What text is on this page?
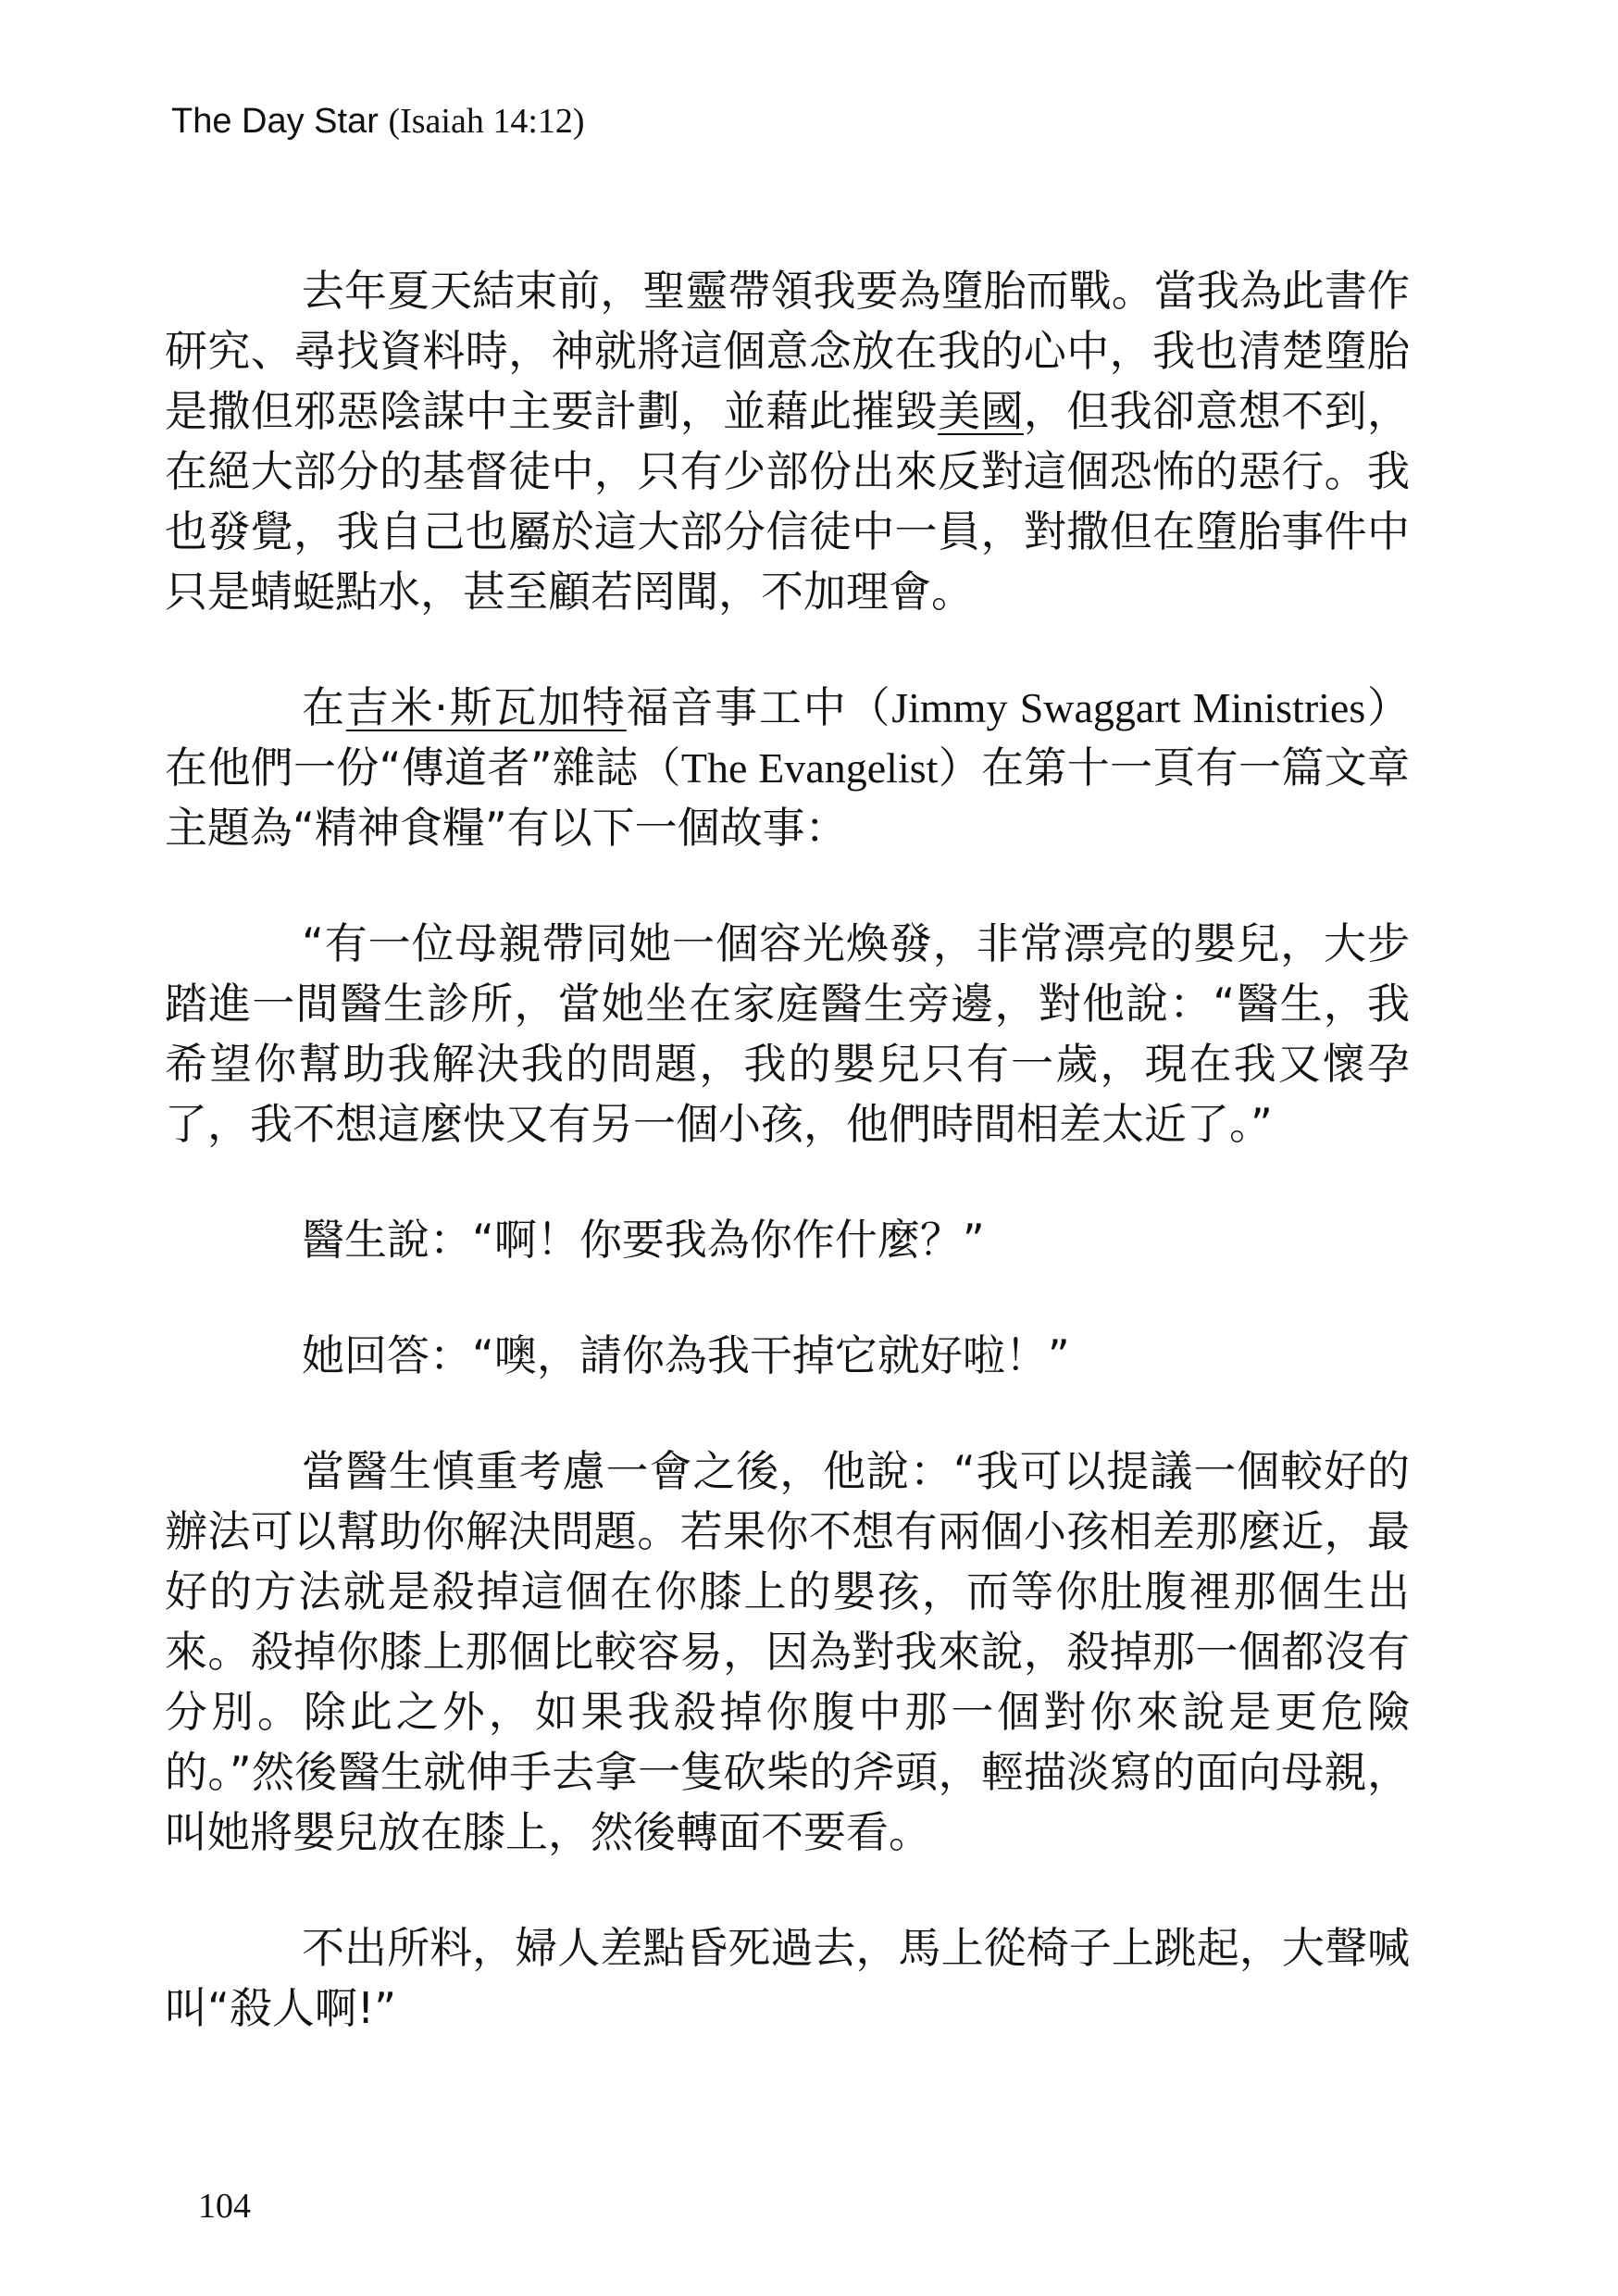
The Day Star (Isaiah 14:12)

去年夏天結束前，聖靈帶領我要為墮胎而戰。當我為此書作研究、尋找資料時，神就將這個意念放在我的心中，我也清楚墮胎是撒但邪惡陰謀中主要計劃，並藉此摧毀美國，但我卻意想不到，在絕大部分的基督徒中，只有少部份出來反對這個恐怖的惡行。我也發覺，我自己也屬於這大部分信徒中一員，對撒但在墮胎事件中只是蜻蜓點水，甚至顧若罔聞，不加理會。

在吉米·斯瓦加特福音事工中（Jimmy Swaggart Ministries）在他們一份“傳道者”雜誌（The Evangelist）在第十一頁有一篇文章主題為“精神食糧”有以下一個故事：

“有一位母親帶同她一個容光煥發，非常漂亮的嬰兒，大步踏進一間醫生診所，當她坐在家庭醫生旁邊，對他說：“醫生，我希望你幫助我解決我的問題，我的嬰兒只有一歲，現在我又懷孕了，我不想這麼快又有另一個小孩，他們時間相差太近了。”

醫生說：“啊！你要我為你作什麼？”

她回答：“噢，請你為我干掉它就好啦！”

當醫生慎重考慮一會之後，他說：“我可以提議一個較好的辦法可以幫助你解決問題。若果你不想有兩個小孩相差那麼近，最好的方法就是殺掉這個在你膝上的嬰孩，而等你肚腹裡那個生出來。殺掉你膝上那個比較容易，因為對我來說，殺掉那一個都沒有分別。除此之外，如果我殺掉你腹中那一個對你來說是更危險的。”然後醫生就伸手去拿一隻砍柴的斧頭，輕描淡寫的面向母親，叫她將嬰兒放在膝上，然後轉面不要看。

不出所料，婦人差點昏死過去，馬上從椅子上跳起，大聲喊叫“殺人啊!”

104
